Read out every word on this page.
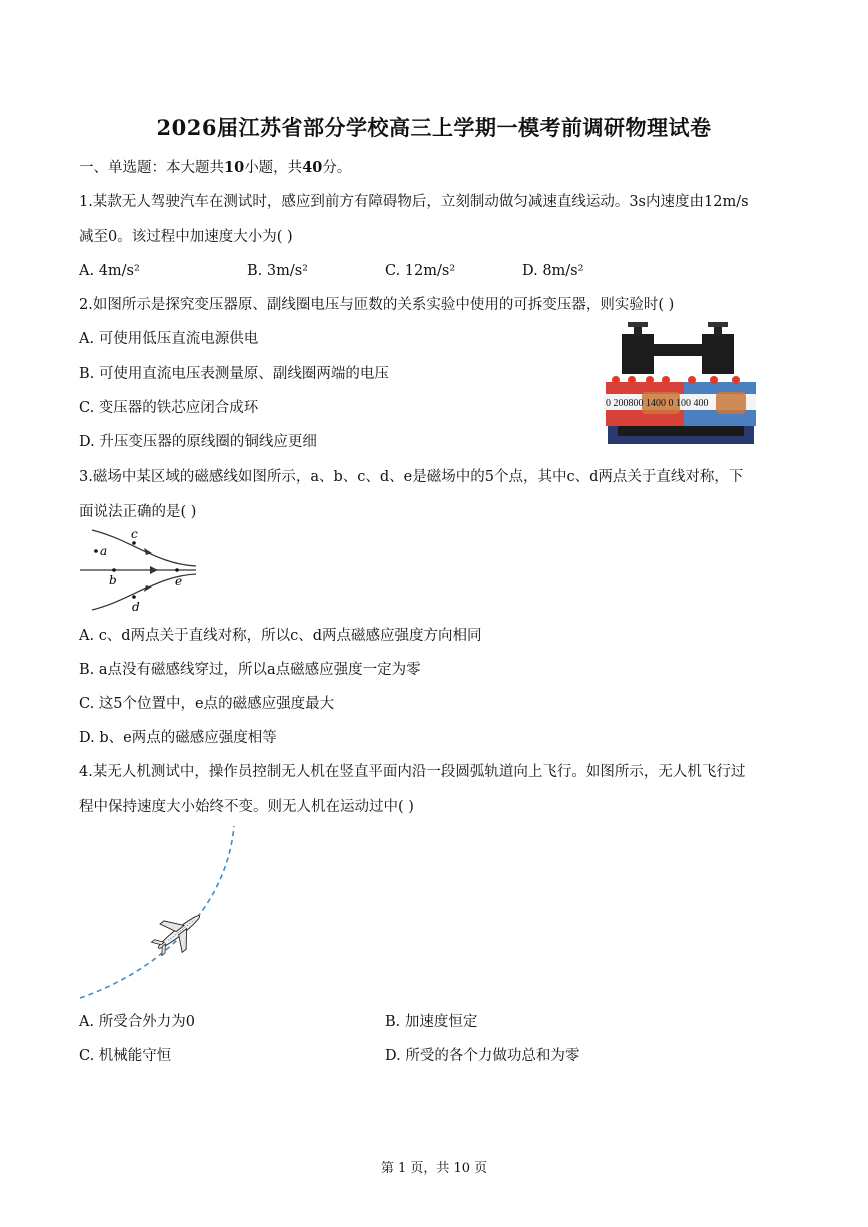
2026届江苏省部分学校高三上学期一模考前调研物理试卷
一、单选题：本大题共10小题，共40分。
1.某款无人驾驶汽车在测试时，感应到前方有障碍物后，立刻制动做匀减速直线运动。3s内速度由12m/s
减至0。该过程中加速度大小为( )
A. 4m/s²	B. 3m/s²	C. 12m/s²	D. 8m/s²
2.如图所示是探究变压器原、副线圈电压与匝数的关系实验中使用的可拆变压器，则实验时( )
A. 可使用低压直流电源供电
B. 可使用直流电压表测量原、副线圈两端的电压
C. 变压器的铁芯应闭合成环
D. 升压变压器的原线圈的铜线应更细
0 200800 1400 0 100 400
3.磁场中某区域的磁感线如图所示，a、b、c、d、e是磁场中的5个点，其中c、d两点关于直线对称，下
面说法正确的是( )
a
b
c
d
e
A. c、d两点关于直线对称，所以c、d两点磁感应强度方向相同
B. a点没有磁感线穿过，所以a点磁感应强度一定为零
C. 这5个位置中，e点的磁感应强度最大
D. b、e两点的磁感应强度相等
4.某无人机测试中，操作员控制无人机在竖直平面内沿一段圆弧轨道向上飞行。如图所示，无人机飞行过
程中保持速度大小始终不变。则无人机在运动过中( )
A. 所受合外力为0	B. 加速度恒定
C. 机械能守恒	D. 所受的各个力做功总和为零
第 1 页，共 10 页
